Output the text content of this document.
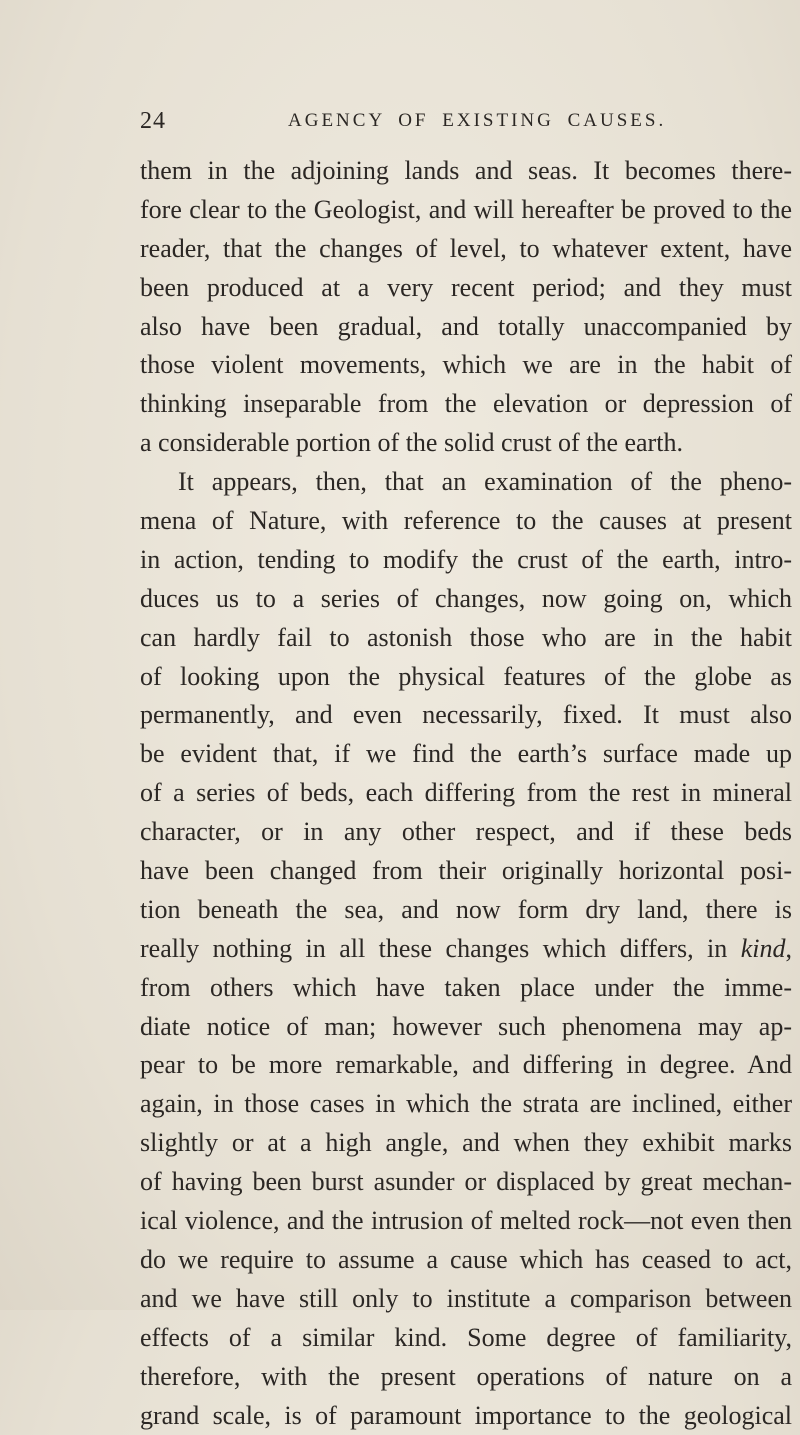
24	AGENCY OF EXISTING CAUSES.
them in the adjoining lands and seas. It becomes there-
fore clear to the Geologist, and will hereafter be proved to the
reader, that the changes of level, to whatever extent, have
been produced at a very recent period; and they must
also have been gradual, and totally unaccompanied by
those violent movements, which we are in the habit of
thinking inseparable from the elevation or depression of
a considerable portion of the solid crust of the earth.
It appears, then, that an examination of the pheno-
mena of Nature, with reference to the causes at present
in action, tending to modify the crust of the earth, intro-
duces us to a series of changes, now going on, which
can hardly fail to astonish those who are in the habit
of looking upon the physical features of the globe as
permanently, and even necessarily, fixed. It must also
be evident that, if we find the earth’s surface made up
of a series of beds, each differing from the rest in mineral
character, or in any other respect, and if these beds
have been changed from their originally horizontal posi-
tion beneath the sea, and now form dry land, there is
really nothing in all these changes which differs, in kind,
from others which have taken place under the imme-
diate notice of man; however such phenomena may ap-
pear to be more remarkable, and differing in degree. And
again, in those cases in which the strata are inclined, either
slightly or at a high angle, and when they exhibit marks
of having been burst asunder or displaced by great mechan-
ical violence, and the intrusion of melted rock—not even then
do we require to assume a cause which has ceased to act,
and we have still only to institute a comparison between
effects of a similar kind. Some degree of familiarity,
therefore, with the present operations of nature on a
grand scale, is of paramount importance to the geological
